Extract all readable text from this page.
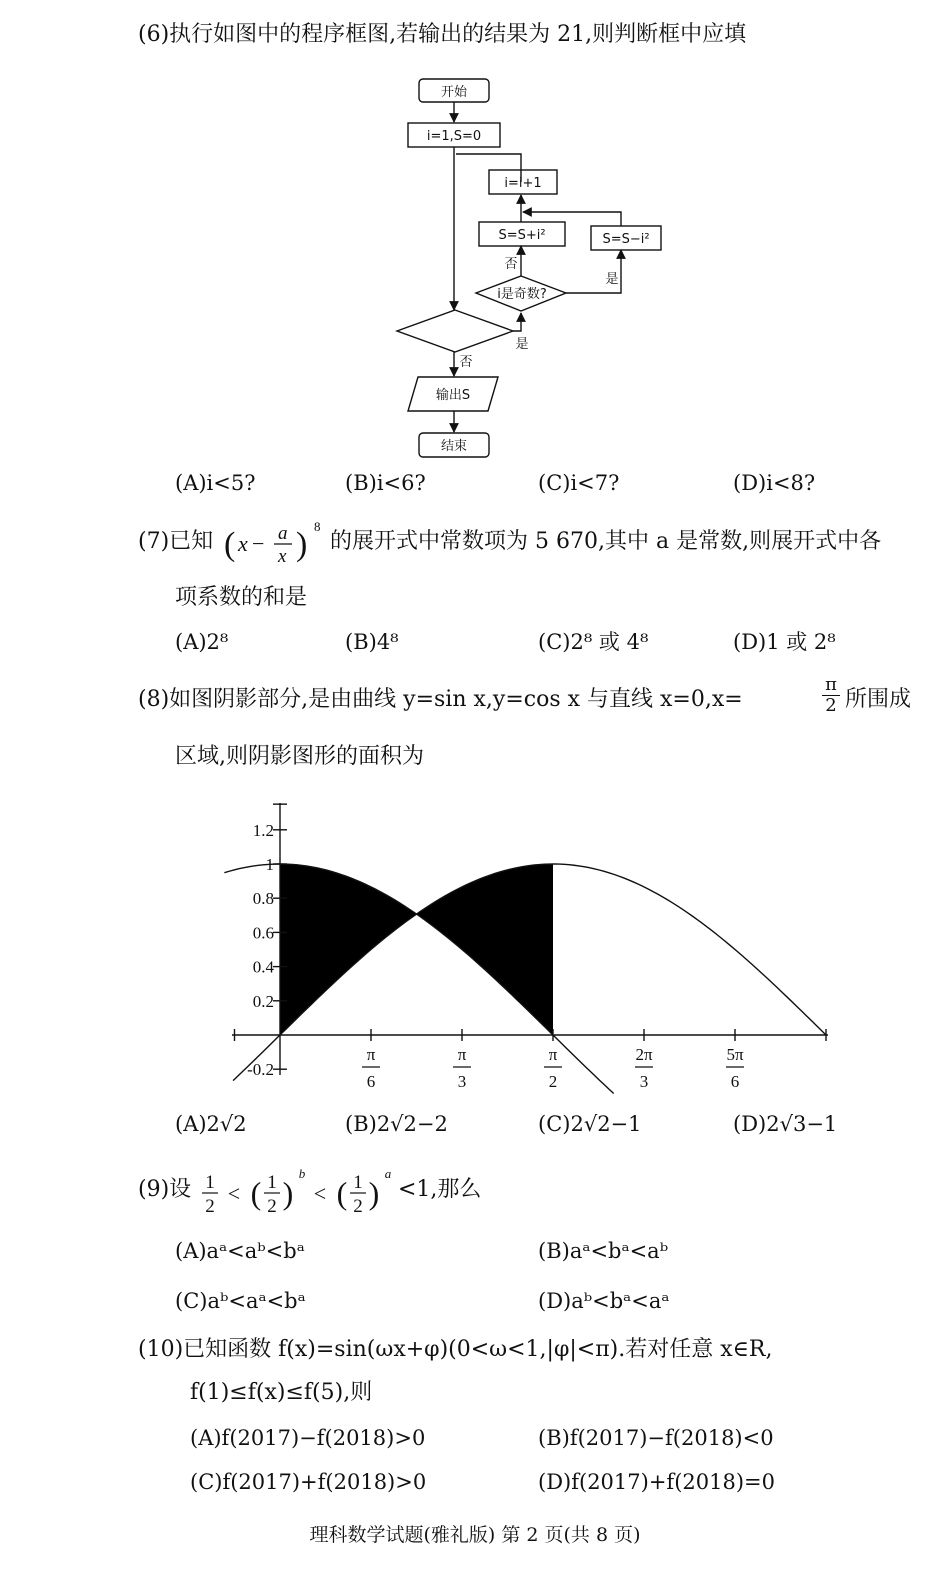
(6)执行如图中的程序框图,若输出的结果为 21,则判断框中应填
开始
i=1,S=0
i=i+1
S=S+i²	S=S−i²
i是奇数?
否
是
是
否
输出S
结束
(A)i<5?	(B)i<6?	(C)i<7?	(D)i<8?
(7)已知 ( x − a
x ) 8
的展开式中常数项为 5 670,其中 a 是常数,则展开式中各
项系数的和是
(A)2⁸	(B)4⁸	(C)2⁸ 或 4⁸	(D)1 或 2⁸
(8)如图阴影部分,是由曲线 y=sin x,y=cos x 与直线 x=0,x=
π
2 所围成
区域,则阴影图形的面积为
1.2
1
0.8
0.6
0.4
0.2
-0.2
π
6
π
3
π
2
2π
3
5π
6
(A)2√2	(B)2√2−2	(C)2√2−1	(D)2√3−1
(9)设 1
2
< ( 1
2 )
b
< ( 1
2 )
a
<1,那么
(A)aᵃ<aᵇ<bᵃ	(B)aᵃ<bᵃ<aᵇ
(C)aᵇ<aᵃ<bᵃ	(D)aᵇ<bᵃ<aᵃ
(10)已知函数 f(x)=sin(ωx+φ)(0<ω<1,|φ|<π).若对任意 x∈R,
f(1)≤f(x)≤f(5),则
(A)f(2017)−f(2018)>0	(B)f(2017)−f(2018)<0
(C)f(2017)+f(2018)>0	(D)f(2017)+f(2018)=0
理科数学试题(雅礼版) 第 2 页(共 8 页)
